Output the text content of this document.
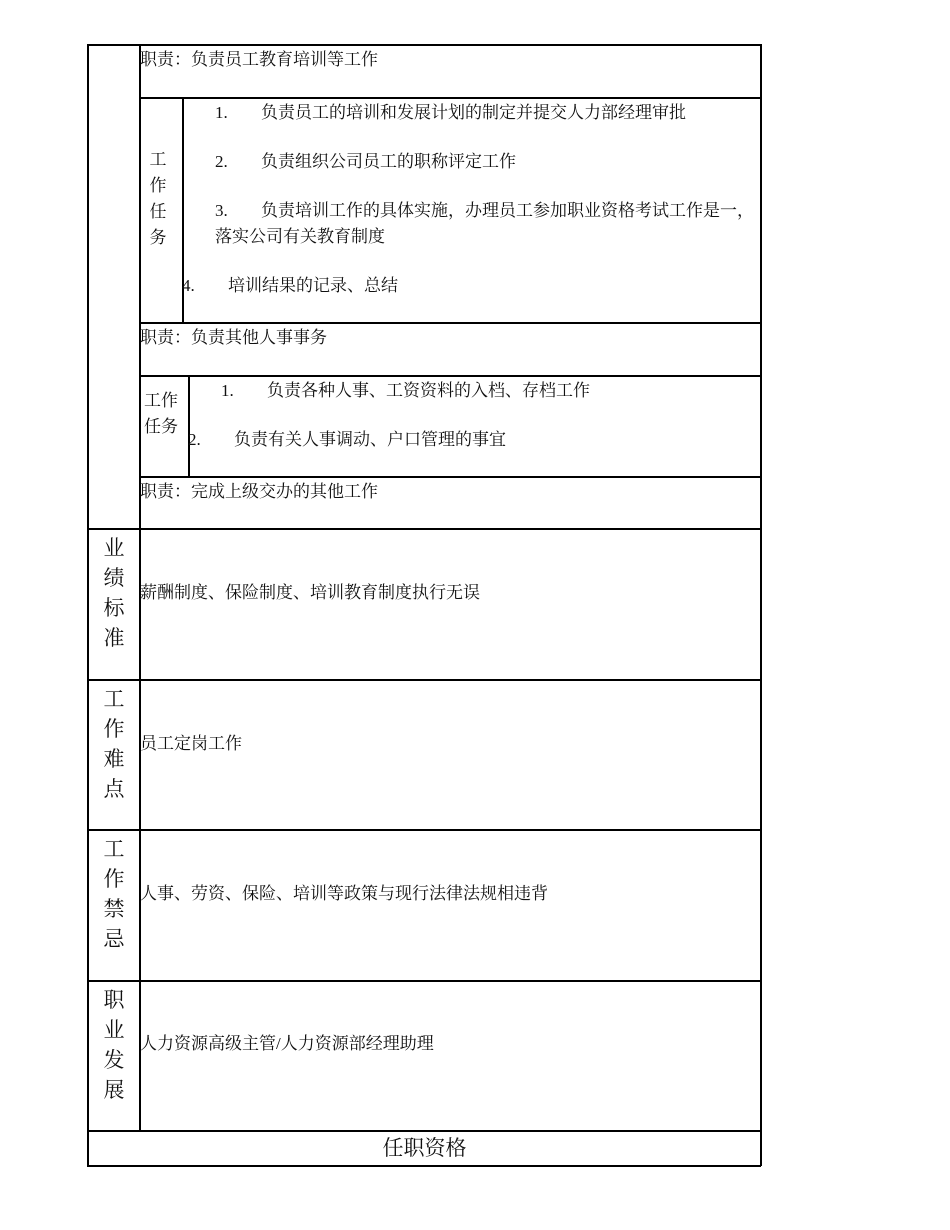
职责：负责员工教育培训等工作
工作任务
1. 负责员工的培训和发展计划的制定并提交人力部经理审批
2. 负责组织公司员工的职称评定工作
3. 负责培训工作的具体实施，办理员工参加职业资格考试工作是一，落实公司有关教育制度
4. 培训结果的记录、总结
职责：负责其他人事事务
工作任务
1. 负责各种人事、工资资料的入档、存档工作
2. 负责有关人事调动、户口管理的事宜
职责：完成上级交办的其他工作
业绩标准
薪酬制度、保险制度、培训教育制度执行无误
工作难点
员工定岗工作
工作禁忌
人事、劳资、保险、培训等政策与现行法律法规相违背
职业发展
人力资源高级主管/人力资源部经理助理
任职资格
